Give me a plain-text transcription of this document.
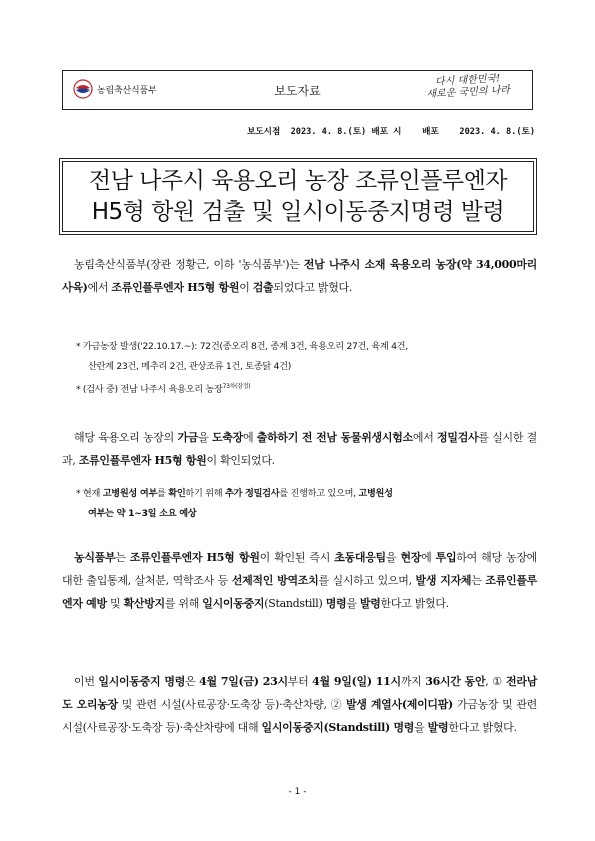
농림축산식품부	보도자료
다시 대한민국!
새로운 국민의 나라
보도시점  2023. 4. 8.(토) 배포 시    배포    2023. 4. 8.(토)
전남 나주시 육용오리 농장 조류인플루엔자
H5형 항원 검출 및 일시이동중지명령 발령
농림축산식품부(장관 정황근, 이하 '농식품부')는 전남 나주시 소재 육용오리 농장(약 34,000마리 사육)에서 조류인플루엔자 H5형 항원이 검출되었다고 밝혔다.
* 가금농장 발생('22.10.17.~): 72건(종오리 8건, 종계 3건, 육용오리 27건, 육계 4건,
산란계 23건, 메추리 2건, 관상조류 1건, 토종닭 4건)
* (검사 중) 전남 나주시 육용오리 농장$^{73차(잠정)}$
해당 육용오리 농장의 가금을 도축장에 출하하기 전 전남 동물위생시험소에서 정밀검사를 실시한 결과, 조류인플루엔자 H5형 항원이 확인되었다.
* 현재 고병원성 여부를 확인하기 위해 추가 정밀검사를 진행하고 있으며, 고병원성
여부는 약 1~3일 소요 예상
농식품부는 조류인플루엔자 H5형 항원이 확인된 즉시 초동대응팀을 현장에 투입하여 해당 농장에 대한 출입통제, 살처분, 역학조사 등 선제적인 방역조치를 실시하고 있으며, 발생 지자체는 조류인플루엔자 예방 및 확산방지를 위해 일시이동중지(Standstill) 명령을 발령한다고 밝혔다.
이번 일시이동중지 명령은 4월 7일(금) 23시부터 4월 9일(일) 11시까지 36시간 동안, ① 전라남도 오리농장 및 관련 시설(사료공장·도축장 등)·축산차량, ② 발생 계열사(제이디팜) 가금농장 및 관련 시설(사료공장·도축장 등)·축산차량에 대해 일시이동중지(Standstill) 명령을 발령한다고 밝혔다.
- 1 -
